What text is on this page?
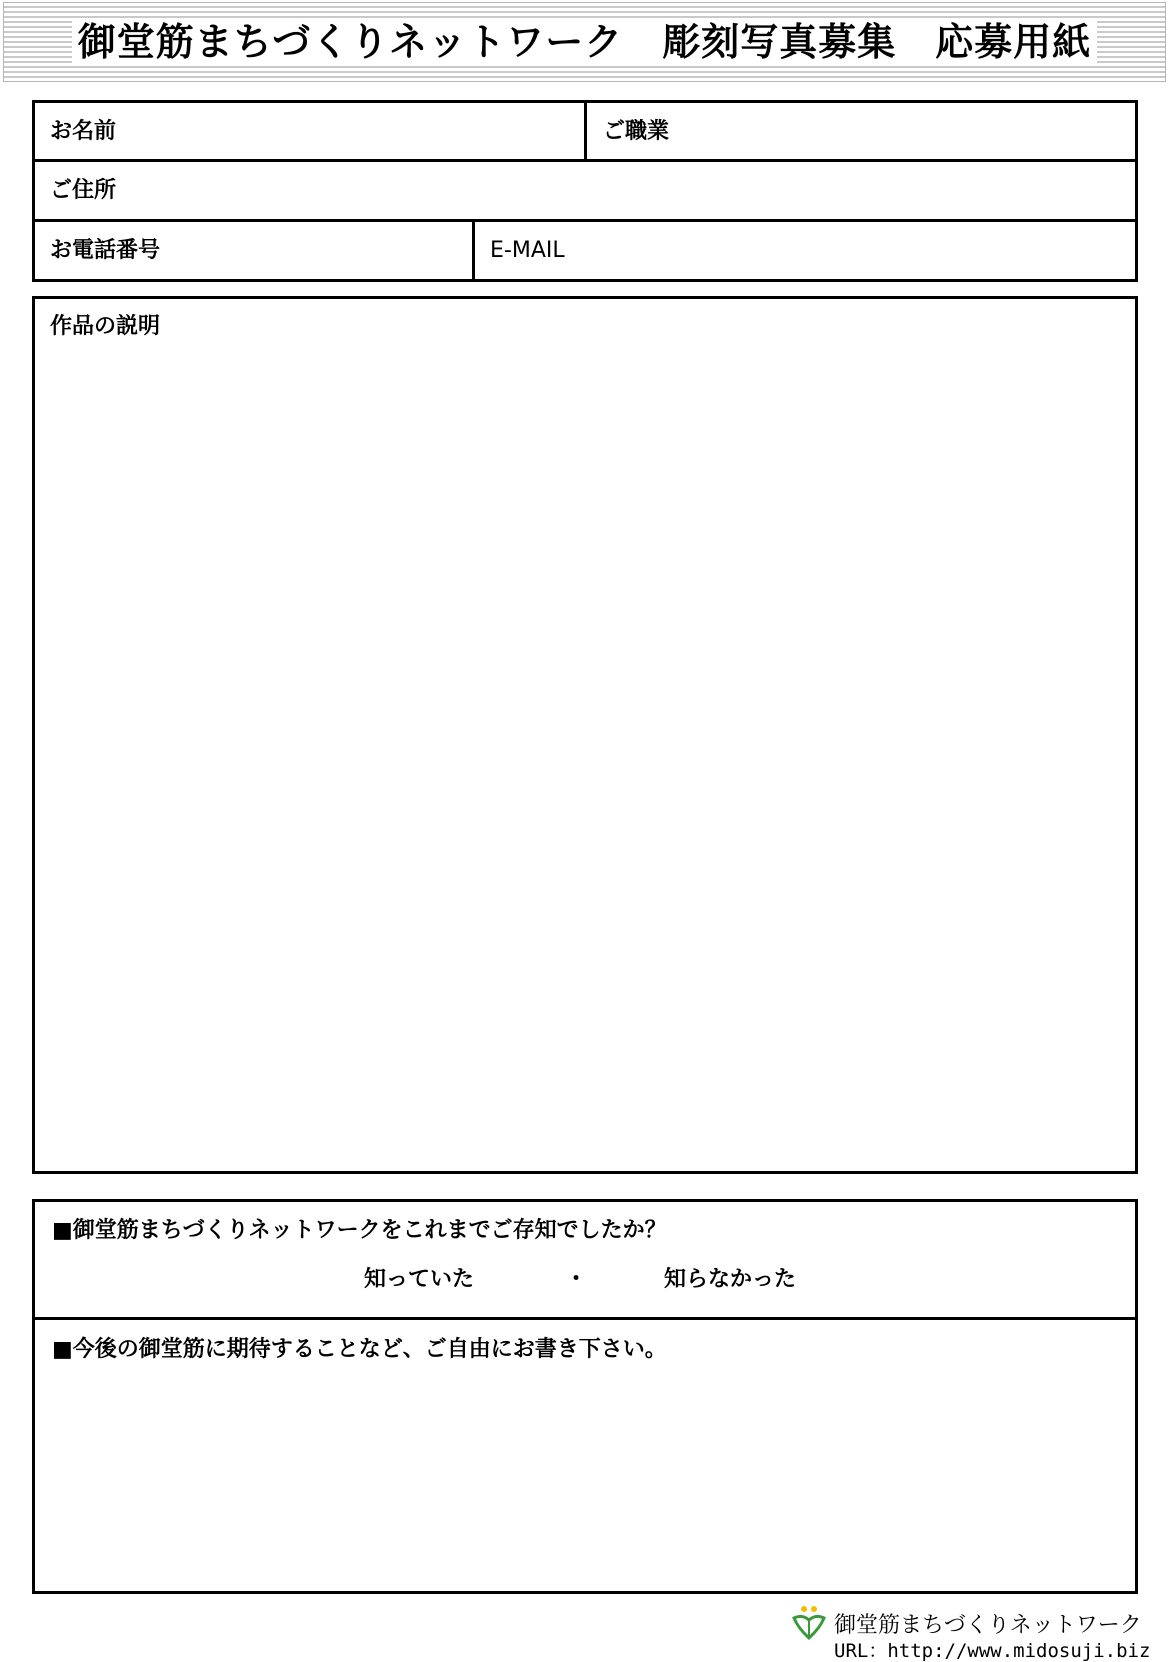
御堂筋まちづくりネットワーク　彫刻写真募集　応募用紙
お名前	ご職業
ご住所
お電話番号	E-MAIL
作品の説明
■御堂筋まちづくりネットワークをこれまでご存知でしたか？
知っていた	・	知らなかった
■今後の御堂筋に期待することなど、ご自由にお書き下さい。
御堂筋まちづくりネットワーク
URL：http://www.midosuji.biz
